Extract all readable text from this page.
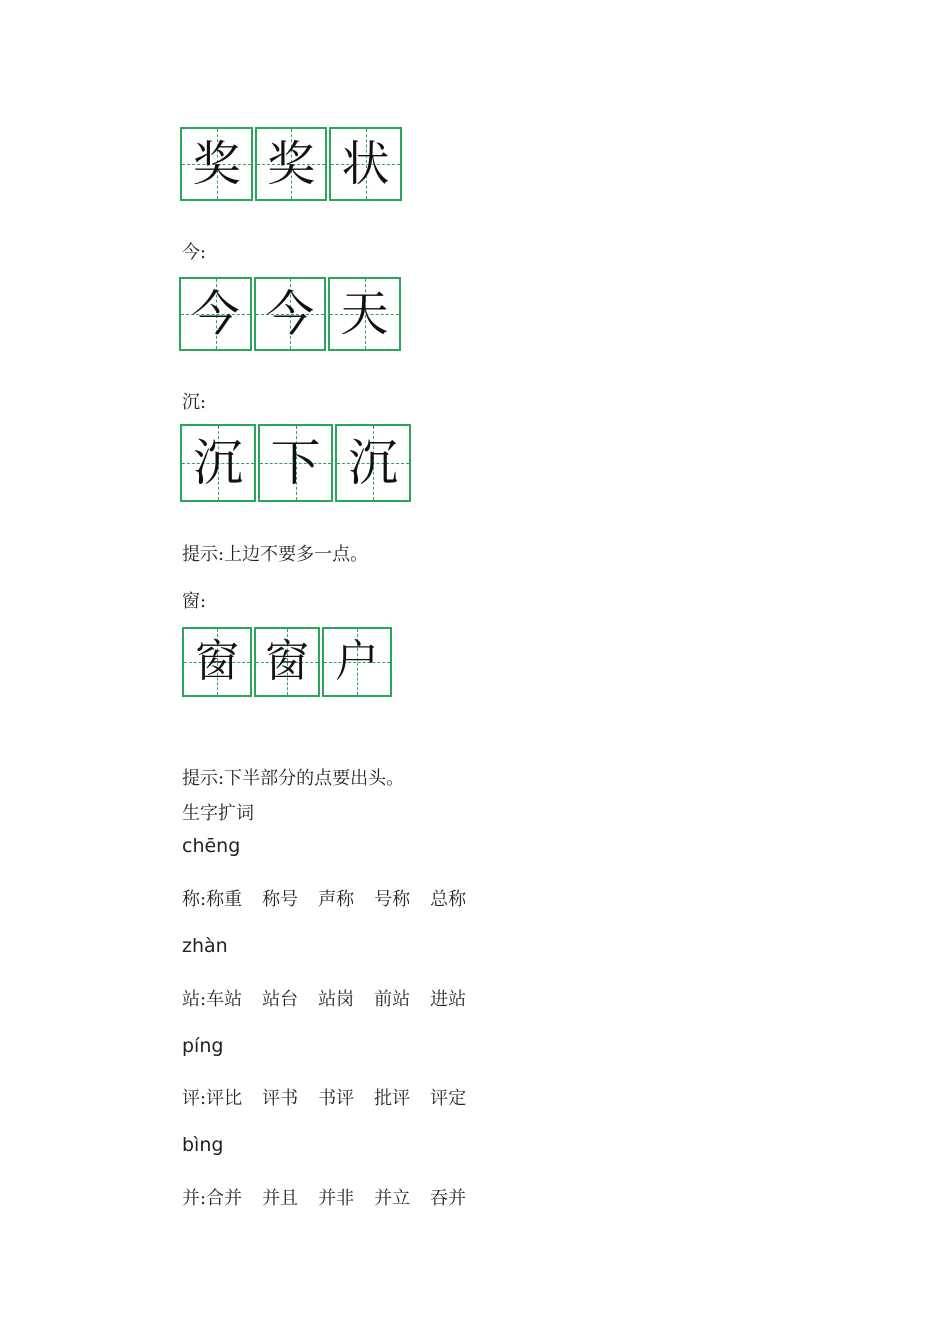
奖 奖 状
今:
今 今 天
沉:
沉 下 沉
提示:上边不要多一点。
窗:
窗 窗 户
提示:下半部分的点要出头。
生字扩词
chēng
称: 称重 称号 声称 号称 总称
zhàn
站: 车站 站台 站岗 前站 进站
píng
评: 评比 评书 书评 批评 评定
bìng
并: 合并 并且 并非 并立 吞并
